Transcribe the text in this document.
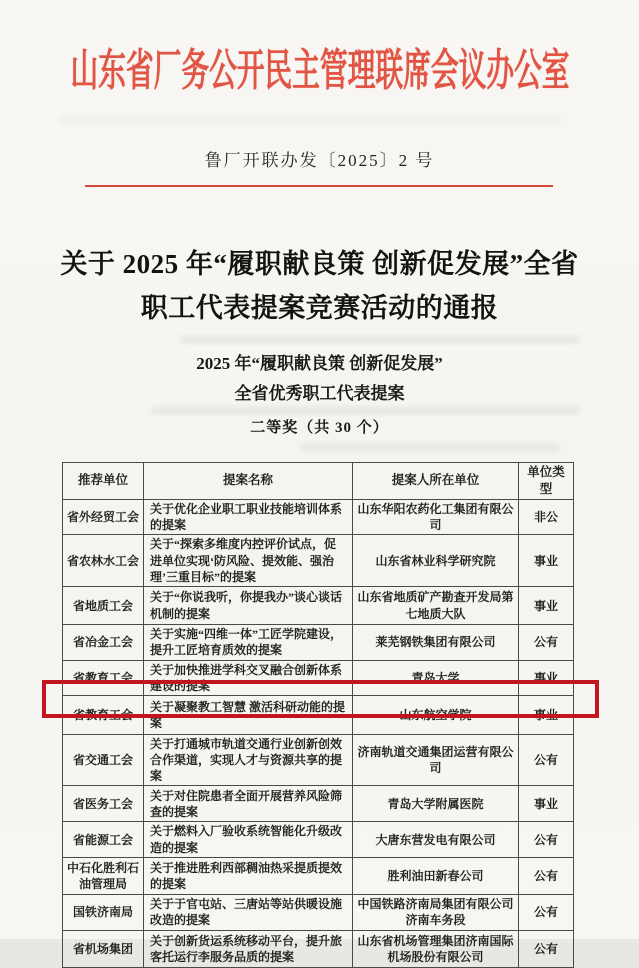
山东省厂务公开民主管理联席会议办公室
鲁厂开联办发〔2025〕2 号
关于 2025 年“履职献良策 创新促发展”全省
职工代表提案竞赛活动的通报
2025 年“履职献良策 创新促发展”
全省优秀职工代表提案
二等奖（共 30 个）
推荐单位	提案名称	提案人所在单位	单位类型
省外经贸工会	关于优化企业职工职业技能培训体系的提案	山东华阳农药化工集团有限公司	非公
省农林水工会	关于“探索多维度内控评价试点，促进单位实现‘防风险、提效能、强治理’三重目标”的提案	山东省林业科学研究院	事业
省地质工会	关于“你说我听，你提我办”谈心谈话机制的提案	山东省地质矿产勘查开发局第七地质大队	事业
省冶金工会	关于实施“四维一体”工匠学院建设，提升工匠培育质效的提案	莱芜钢铁集团有限公司	公有
省教育工会	关于加快推进学科交叉融合创新体系建设的提案	青岛大学	事业
省教育工会	关于凝聚教工智慧 激活科研动能的提案	山东航空学院	事业
省交通工会	关于打通城市轨道交通行业创新创效合作渠道，实现人才与资源共享的提案	济南轨道交通集团运营有限公司	公有
省医务工会	关于对住院患者全面开展营养风险筛查的提案	青岛大学附属医院	事业
省能源工会	关于燃料入厂验收系统智能化升级改造的提案	大唐东营发电有限公司	公有
中石化胜利石油管理局	关于推进胜利西部稠油热采提质提效的提案	胜利油田新春公司	公有
国铁济南局	关于于官屯站、三唐站等站供暖设施改造的提案	中国铁路济南局集团有限公司济南车务段	公有
省机场集团	关于创新货运系统移动平台，提升旅客托运行李服务品质的提案	山东省机场管理集团济南国际机场股份有限公司	公有
